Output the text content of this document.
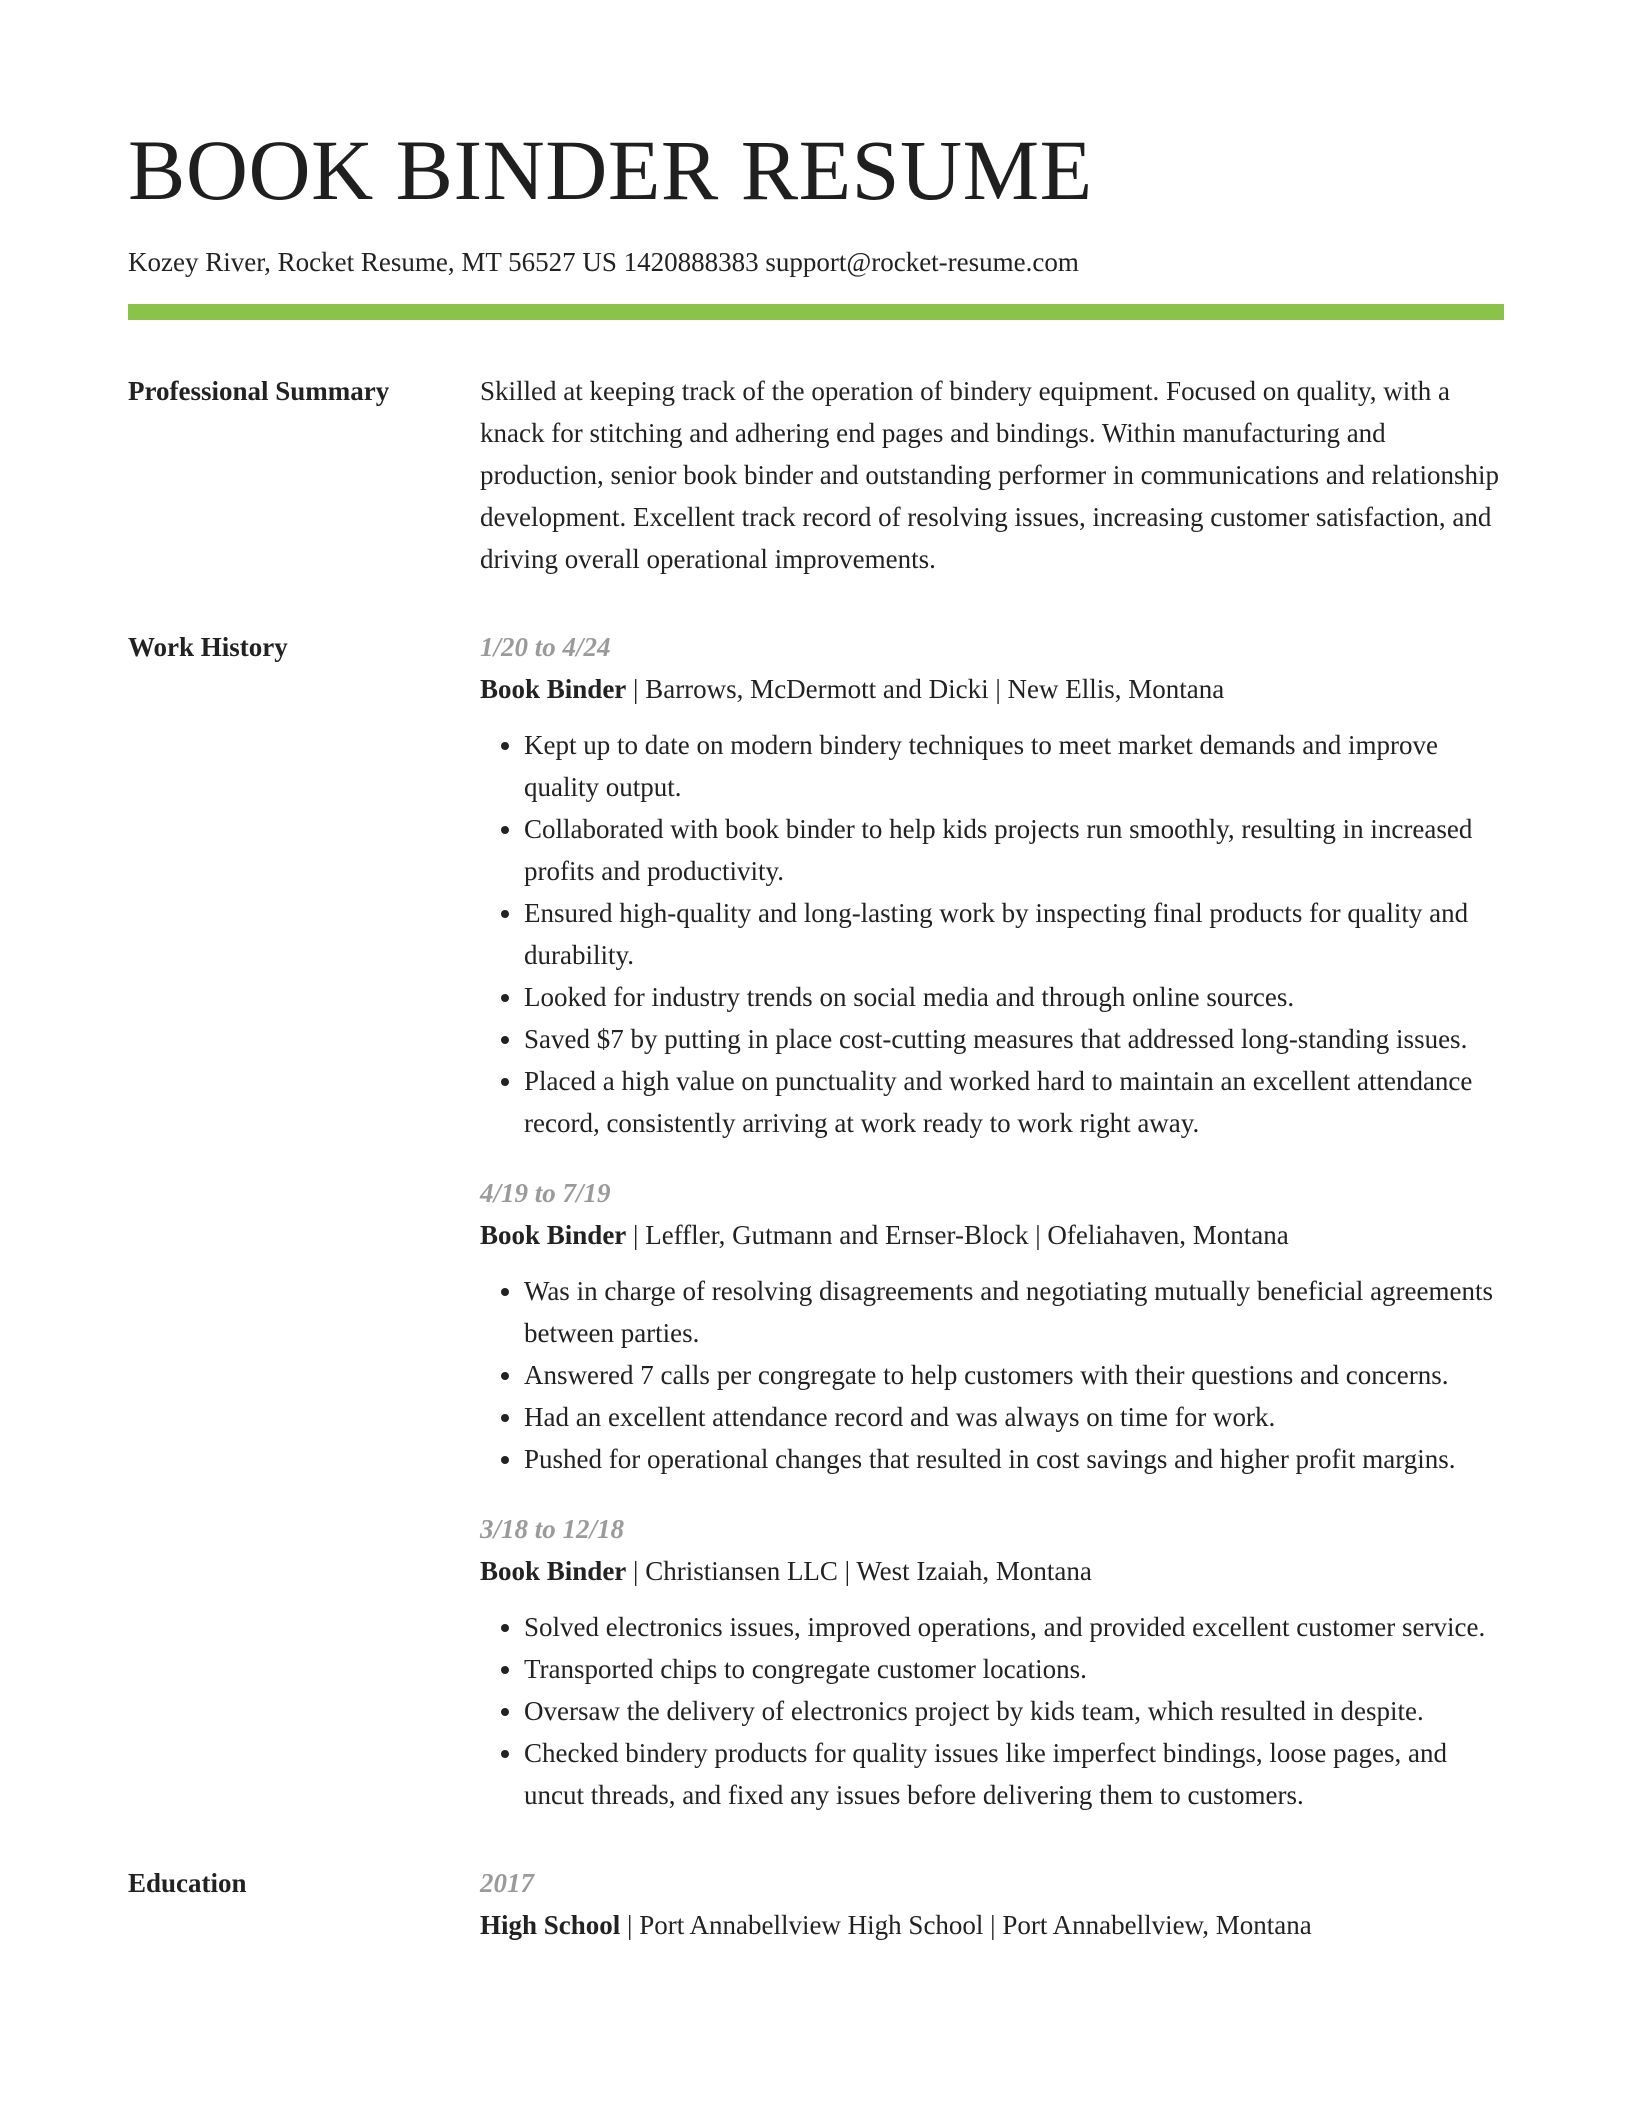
BOOK BINDER RESUME
Kozey River, Rocket Resume, MT 56527 US 1420888383 support@rocket-resume.com
Professional Summary	Skilled at keeping track of the operation of bindery equipment. Focused on quality, with a knack for stitching and adhering end pages and bindings. Within manufacturing and production, senior book binder and outstanding performer in communications and relationship development. Excellent track record of resolving issues, increasing customer satisfaction, and driving overall operational improvements.

Work History	1/20 to 4/24
Book Binder | Barrows, McDermott and Dicki | New Ellis, Montana
• Kept up to date on modern bindery techniques to meet market demands and improve quality output.
• Collaborated with book binder to help kids projects run smoothly, resulting in increased profits and productivity.
• Ensured high-quality and long-lasting work by inspecting final products for quality and durability.
• Looked for industry trends on social media and through online sources.
• Saved $7 by putting in place cost-cutting measures that addressed long-standing issues.
• Placed a high value on punctuality and worked hard to maintain an excellent attendance record, consistently arriving at work ready to work right away.
4/19 to 7/19
Book Binder | Leffler, Gutmann and Ernser-Block | Ofeliahaven, Montana
• Was in charge of resolving disagreements and negotiating mutually beneficial agreements between parties.
• Answered 7 calls per congregate to help customers with their questions and concerns.
• Had an excellent attendance record and was always on time for work.
• Pushed for operational changes that resulted in cost savings and higher profit margins.
3/18 to 12/18
Book Binder | Christiansen LLC | West Izaiah, Montana
• Solved electronics issues, improved operations, and provided excellent customer service.
• Transported chips to congregate customer locations.
• Oversaw the delivery of electronics project by kids team, which resulted in despite.
• Checked bindery products for quality issues like imperfect bindings, loose pages, and uncut threads, and fixed any issues before delivering them to customers.
Education	2017
High School | Port Annabellview High School | Port Annabellview, Montana
